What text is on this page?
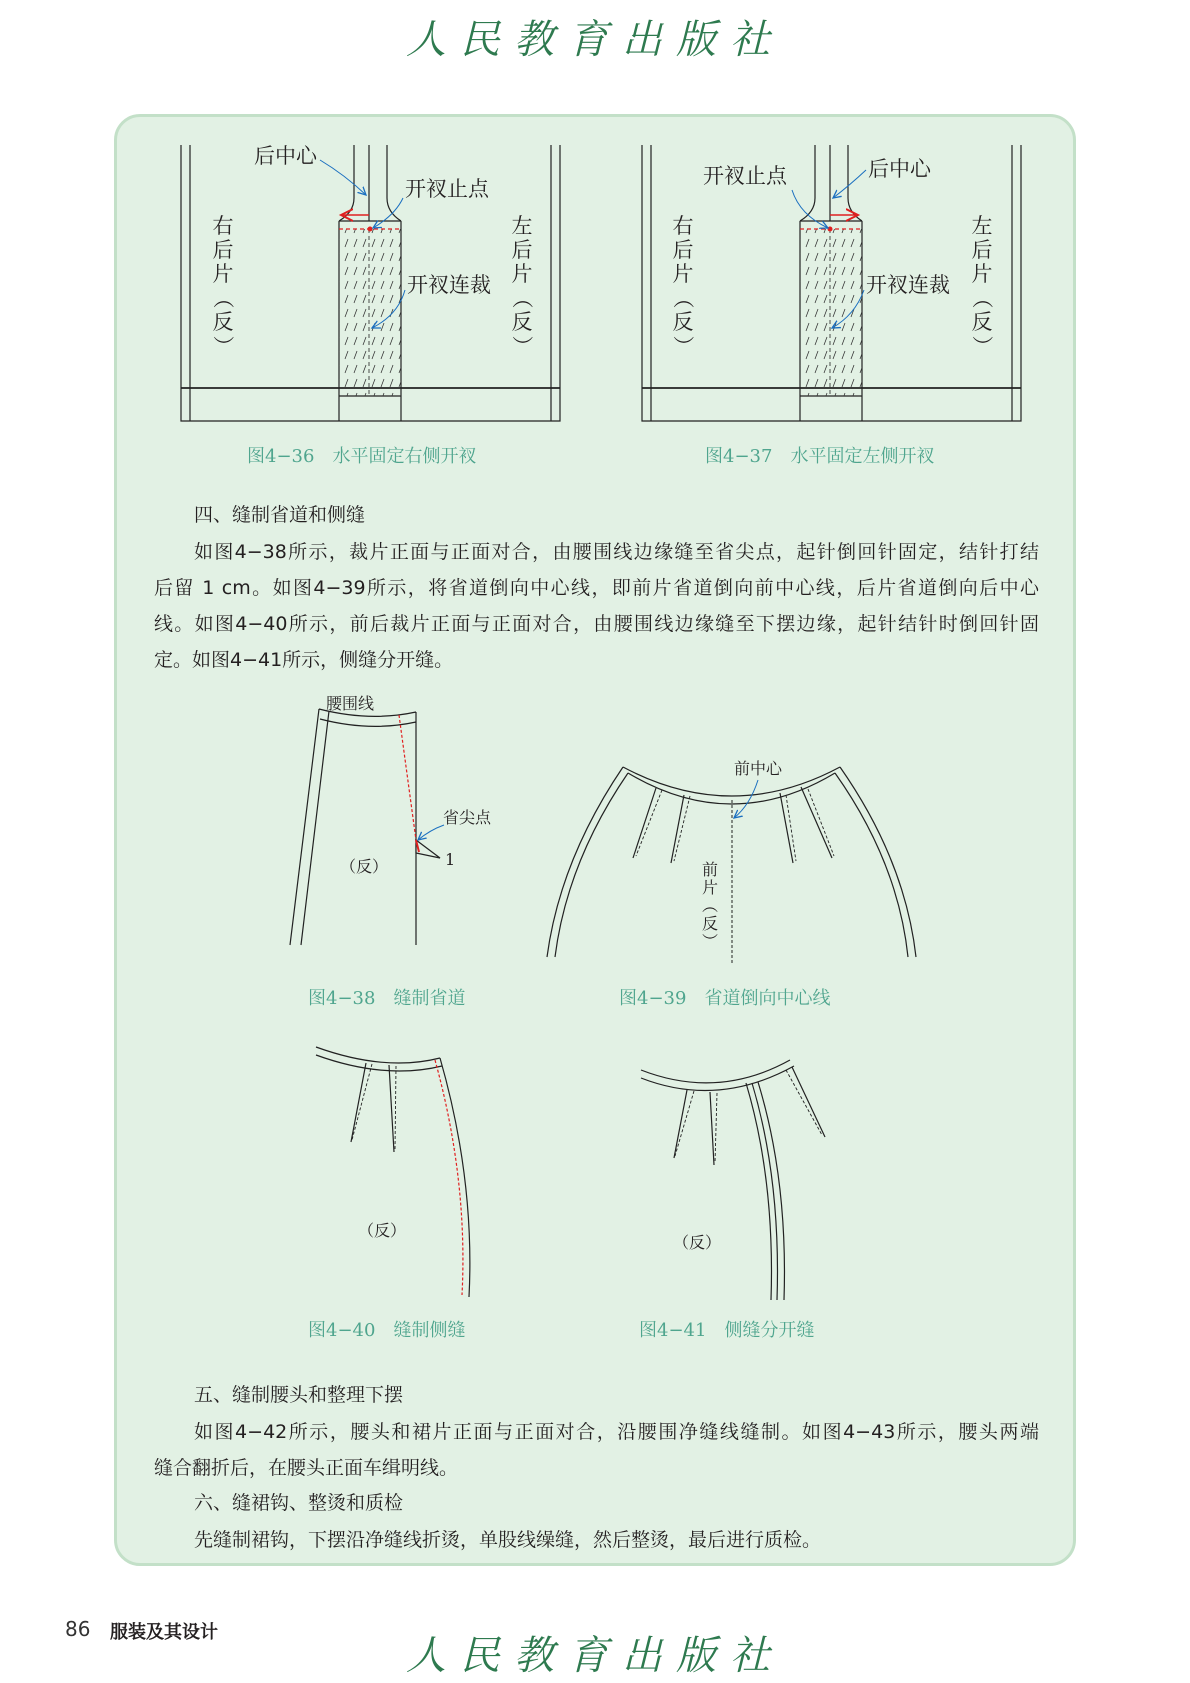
人民教育出版社
后中心
开衩止点
开衩连裁
右
后
片
（
反
）
左
后
片
（
反
）
图4−36　水平固定右侧开衩
开衩止点	后中心
开衩连裁
右
后
片
（
反
）
左
后
片
（
反
）
图4−37　水平固定左侧开衩
腰围线
省尖点
1
（反）
图4−38　缝制省道
前中心
前
片
（
反
）
图4−39　省道倒向中心线
（反）
图4−40　缝制侧缝
（反）
图4−41　侧缝分开缝
四、缝制省道和侧缝
如图4−38所示，裁片正面与正面对合，由腰围线边缘缝至省尖点，起针倒回针固定，结针打结
后留 1 cm。如图4−39所示，将省道倒向中心线，即前片省道倒向前中心线，后片省道倒向后中心
线。如图4−40所示，前后裁片正面与正面对合，由腰围线边缘缝至下摆边缘，起针结针时倒回针固
定。如图4−41所示，侧缝分开缝。
五、缝制腰头和整理下摆
如图4−42所示，腰头和裙片正面与正面对合，沿腰围净缝线缝制。如图4−43所示，腰头两端
缝合翻折后，在腰头正面车缉明线。
六、缝裙钩、整烫和质检
先缝制裙钩，下摆沿净缝线折烫，单股线缲缝，然后整烫，最后进行质检。
86 服装及其设计
人民教育出版社
